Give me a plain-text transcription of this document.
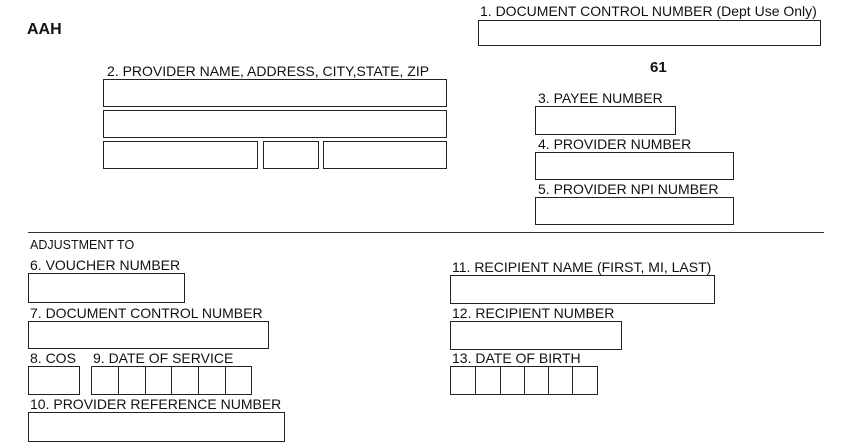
AAH
1. DOCUMENT CONTROL NUMBER (Dept Use Only)
2. PROVIDER NAME, ADDRESS, CITY,STATE, ZIP	61
3. PAYEE NUMBER
4. PROVIDER NUMBER
5. PROVIDER NPI NUMBER
ADJUSTMENT TO
6. VOUCHER NUMBER
7. DOCUMENT CONTROL NUMBER
8. COS 9. DATE OF SERVICE
10. PROVIDER REFERENCE NUMBER
11. RECIPIENT NAME (FIRST, MI, LAST)
12. RECIPIENT NUMBER
13. DATE OF BIRTH
